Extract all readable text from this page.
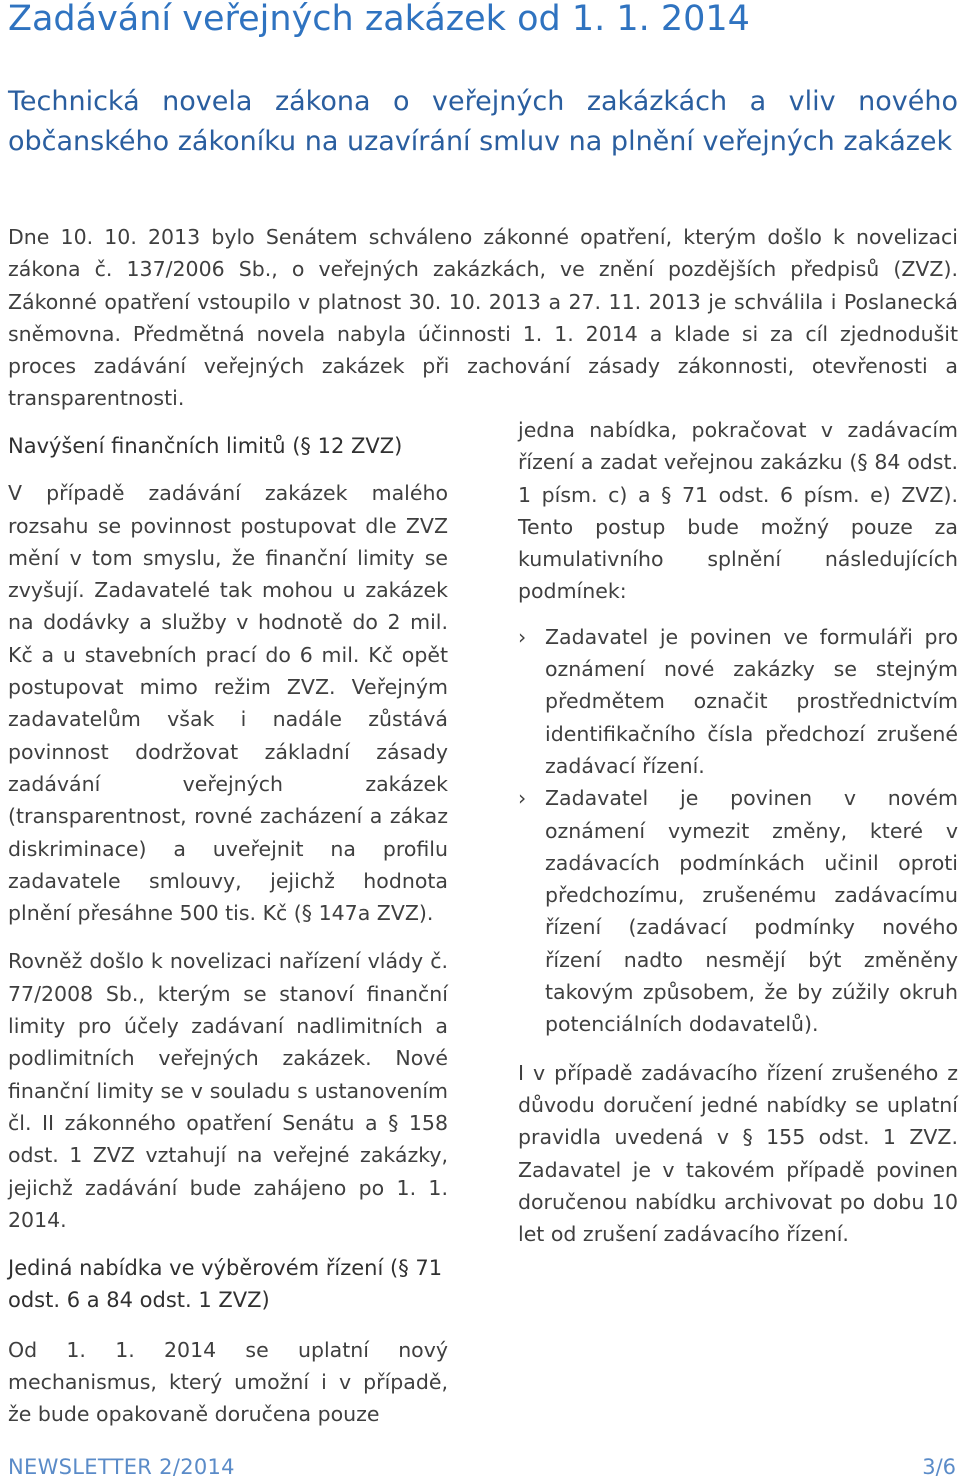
Zadávání veřejných zakázek od 1. 1. 2014
Technická novela zákona o veřejných zakázkách a vliv nového občanského zákoníku na uzavírání smluv na plnění veřejných zakázek

Dne 10. 10. 2013 bylo Senátem schváleno zákonné opatření, kterým došlo k novelizaci zákona č. 137/2006 Sb., o veřejných zakázkách, ve znění pozdějších předpisů (ZVZ). Zákonné opatření vstoupilo v platnost 30. 10. 2013 a 27. 11. 2013 je schválila i Poslanecká sněmovna. Předmětná novela nabyla účinnosti 1. 1. 2014 a klade si za cíl zjednodušit proces zadávání veřejných zakázek při zachování zásady zákonnosti, otevřenosti a transparentnosti.

Navýšení finančních limitů (§ 12 ZVZ)

V případě zadávání zakázek malého rozsahu se povinnost postupovat dle ZVZ mění v tom smyslu, že finanční limity se zvyšují. Zadavatelé tak mohou u zakázek na dodávky a služby v hodnotě do 2 mil. Kč a u stavebních prací do 6 mil. Kč opět postupovat mimo režim ZVZ. Veřejným zadavatelům však i nadále zůstává povinnost dodržovat základní zásady zadávání veřejných zakázek (transparentnost, rovné zacházení a zákaz diskriminace) a uveřejnit na profilu zadavatele smlouvy, jejichž hodnota plnění přesáhne 500 tis. Kč (§ 147a ZVZ).

Rovněž došlo k novelizaci nařízení vlády č. 77/2008 Sb., kterým se stanoví finanční limity pro účely zadávaní nadlimitních a podlimitních veřejných zakázek. Nové finanční limity se v souladu s ustanovením čl. II zákonného opatření Senátu a § 158 odst. 1 ZVZ vztahují na veřejné zakázky, jejichž zadávání bude zahájeno po 1. 1. 2014.

Jediná nabídka ve výběrovém řízení (§ 71 odst. 6 a 84 odst. 1 ZVZ)

Od 1. 1. 2014 se uplatní nový mechanismus, který umožní i v případě, že bude opakovaně doručena pouze

jedna nabídka, pokračovat v zadávacím řízení a zadat veřejnou zakázku (§ 84 odst. 1 písm. c) a § 71 odst. 6 písm. e) ZVZ). Tento postup bude možný pouze za kumulativního splnění následujících podmínek:

› Zadavatel je povinen ve formuláři pro oznámení nové zakázky se stejným předmětem označit prostřednictvím identifikačního čísla předchozí zrušené zadávací řízení.
› Zadavatel je povinen v novém oznámení vymezit změny, které v zadávacích podmínkách učinil oproti předchozímu, zrušenému zadávacímu řízení (zadávací podmínky nového řízení nadto nesmějí být změněny takovým způsobem, že by zúžily okruh potenciálních dodavatelů).

I v případě zadávacího řízení zrušeného z důvodu doručení jedné nabídky se uplatní pravidla uvedená v § 155 odst. 1 ZVZ. Zadavatel je v takovém případě povinen doručenou nabídku archivovat po dobu 10 let od zrušení zadávacího řízení.

NEWSLETTER 2/2014	3/6
